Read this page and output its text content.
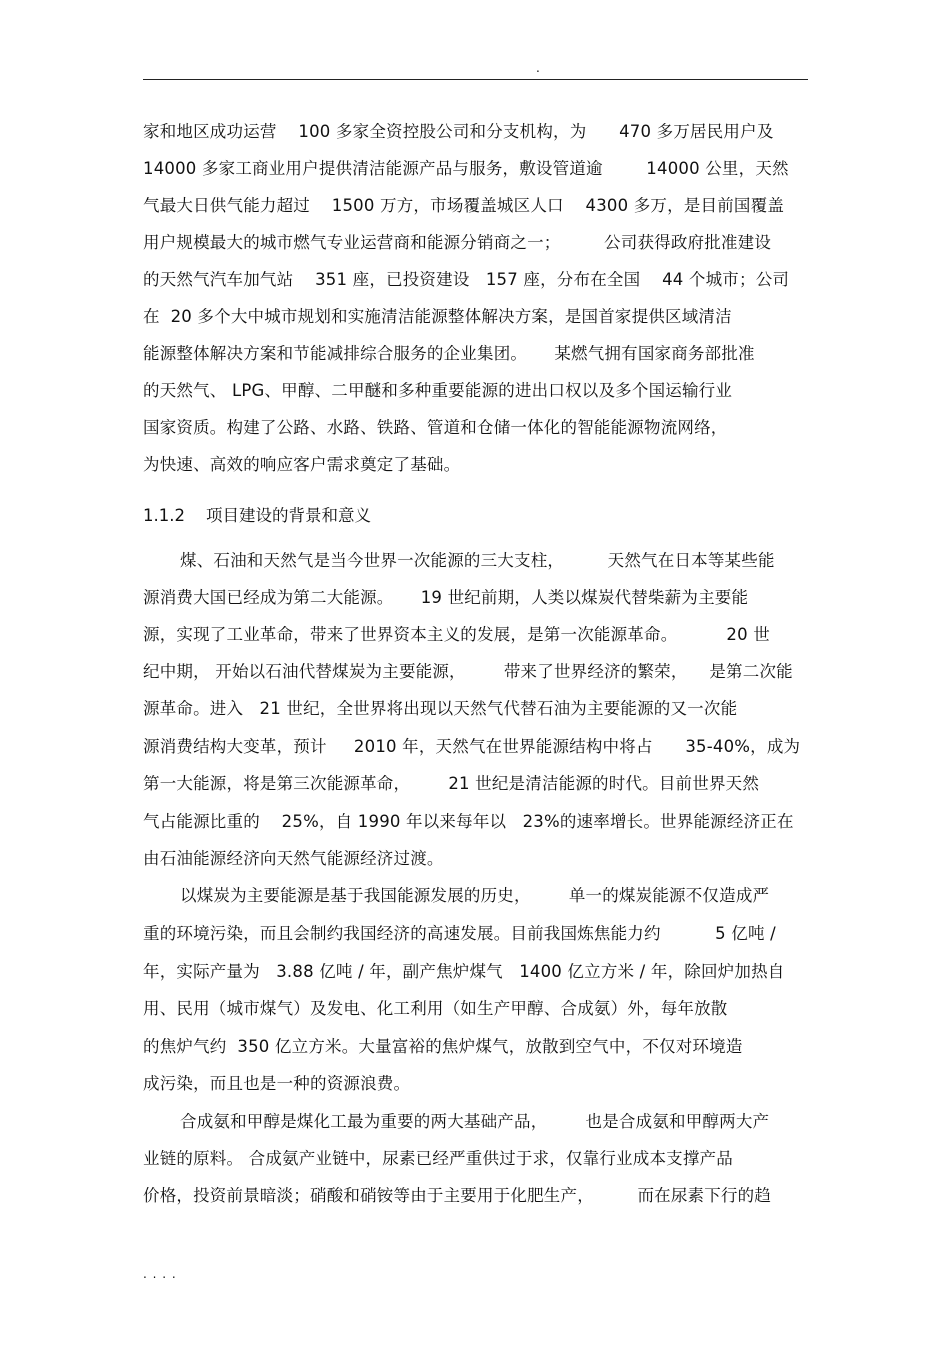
.
家和地区成功运营    100 多家全资控股公司和分支机构，为      470 多万居民用户及
14000 多家工商业用户提供清洁能源产品与服务，敷设管道逾        14000 公里，天然
气最大日供气能力超过    1500 万方，市场覆盖城区人口    4300 多万，是目前国覆盖
用户规模最大的城市燃气专业运营商和能源分销商之一；        公司获得政府批准建设
的天然气汽车加气站    351 座，已投资建设   157 座，分布在全国    44 个城市；公司
在  20 多个大中城市规划和实施清洁能源整体解决方案，是国首家提供区域清洁
能源整体解决方案和节能减排综合服务的企业集团。     某燃气拥有国家商务部批准
的天然气、 LPG、甲醇、二甲醚和多种重要能源的进出口权以及多个国运输行业
国家资质。构建了公路、水路、铁路、管道和仓储一体化的智能能源物流网络，
为快速、高效的响应客户需求奠定了基础。
1.1.2    项目建设的背景和意义
煤、石油和天然气是当今世界一次能源的三大支柱，        天然气在日本等某些能
源消费大国已经成为第二大能源。     19 世纪前期，人类以煤炭代替柴薪为主要能
源，实现了工业革命，带来了世界资本主义的发展，是第一次能源革命。         20 世
纪中期， 开始以石油代替煤炭为主要能源，       带来了世界经济的繁荣，    是第二次能
源革命。进入   21 世纪，全世界将出现以天然气代替石油为主要能源的又一次能
源消费结构大变革，预计     2010 年，天然气在世界能源结构中将占      35-40%，成为
第一大能源，将是第三次能源革命，       21 世纪是清洁能源的时代。目前世界天然
气占能源比重的    25%，自 1990 年以来每年以   23%的速率增长。世界能源经济正在
由石油能源经济向天然气能源经济过渡。
以煤炭为主要能源是基于我国能源发展的历史，       单一的煤炭能源不仅造成严
重的环境污染，而且会制约我国经济的高速发展。目前我国炼焦能力约          5 亿吨 /
年，实际产量为   3.88 亿吨 / 年，副产焦炉煤气   1400 亿立方米 / 年，除回炉加热自
用、民用（城市煤气）及发电、化工利用（如生产甲醇、合成氨）外，每年放散
的焦炉气约  350 亿立方米。大量富裕的焦炉煤气，放散到空气中，不仅对环境造
成污染，而且也是一种的资源浪费。
合成氨和甲醇是煤化工最为重要的两大基础产品，       也是合成氨和甲醇两大产
业链的原料。 合成氨产业链中，尿素已经严重供过于求，仅靠行业成本支撑产品
价格，投资前景暗淡；硝酸和硝铵等由于主要用于化肥生产，        而在尿素下行的趋
. . . .
